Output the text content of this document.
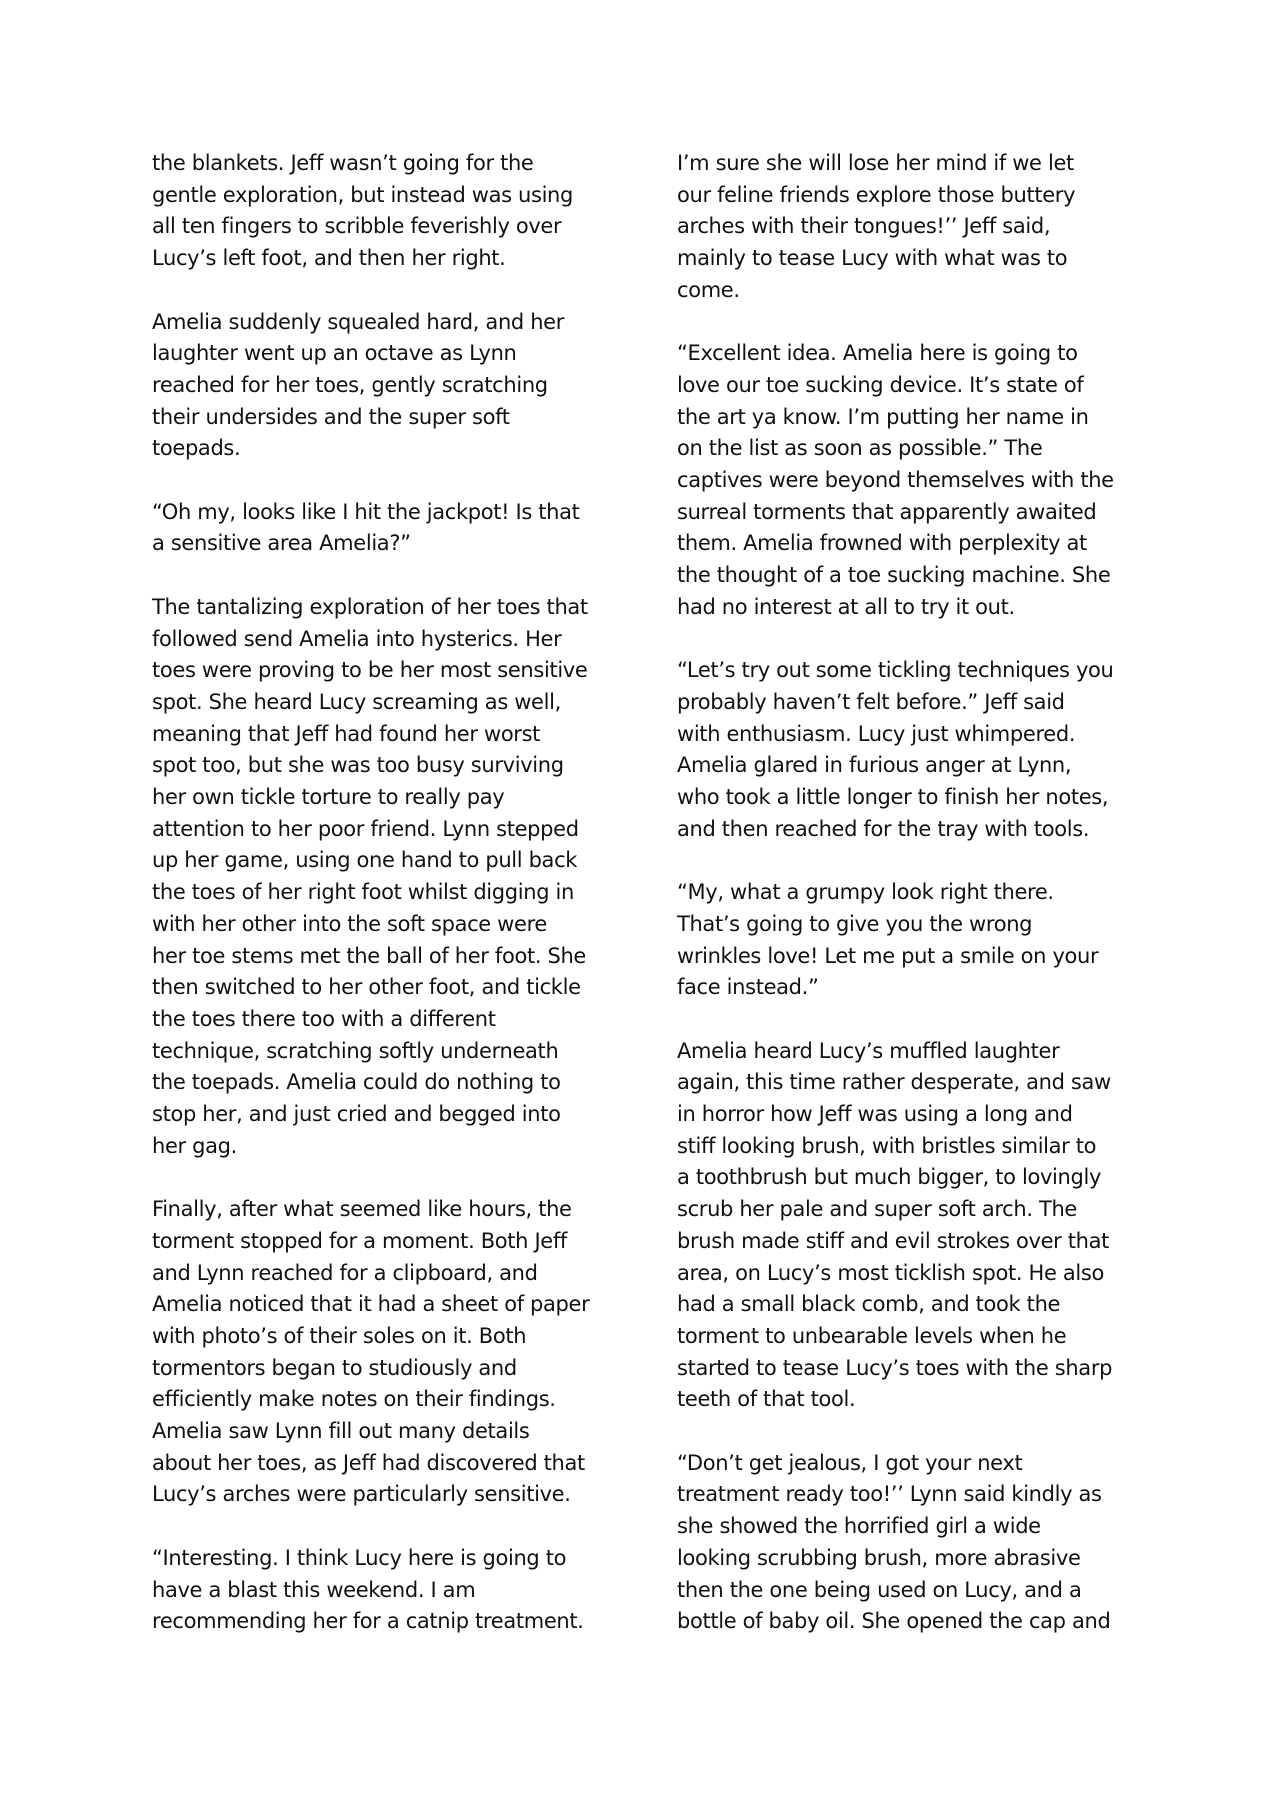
the blankets. Jeff wasn’t going for the
gentle exploration, but instead was using
all ten fingers to scribble feverishly over
Lucy’s left foot, and then her right.

Amelia suddenly squealed hard, and her
laughter went up an octave as Lynn
reached for her toes, gently scratching
their undersides and the super soft
toepads.

“Oh my, looks like I hit the jackpot! Is that
a sensitive area Amelia?”

The tantalizing exploration of her toes that
followed send Amelia into hysterics. Her
toes were proving to be her most sensitive
spot. She heard Lucy screaming as well,
meaning that Jeff had found her worst
spot too, but she was too busy surviving
her own tickle torture to really pay
attention to her poor friend. Lynn stepped
up her game, using one hand to pull back
the toes of her right foot whilst digging in
with her other into the soft space were
her toe stems met the ball of her foot. She
then switched to her other foot, and tickle
the toes there too with a different
technique, scratching softly underneath
the toepads. Amelia could do nothing to
stop her, and just cried and begged into
her gag.

Finally, after what seemed like hours, the
torment stopped for a moment. Both Jeff
and Lynn reached for a clipboard, and
Amelia noticed that it had a sheet of paper
with photo’s of their soles on it. Both
tormentors began to studiously and
efficiently make notes on their findings.
Amelia saw Lynn fill out many details
about her toes, as Jeff had discovered that
Lucy’s arches were particularly sensitive.

“Interesting. I think Lucy here is going to
have a blast this weekend. I am
recommending her for a catnip treatment.

I’m sure she will lose her mind if we let
our feline friends explore those buttery
arches with their tongues!’’ Jeff said,
mainly to tease Lucy with what was to
come.

“Excellent idea. Amelia here is going to
love our toe sucking device. It’s state of
the art ya know. I’m putting her name in
on the list as soon as possible.” The
captives were beyond themselves with the
surreal torments that apparently awaited
them. Amelia frowned with perplexity at
the thought of a toe sucking machine. She
had no interest at all to try it out.

“Let’s try out some tickling techniques you
probably haven’t felt before.” Jeff said
with enthusiasm. Lucy just whimpered.
Amelia glared in furious anger at Lynn,
who took a little longer to finish her notes,
and then reached for the tray with tools.

“My, what a grumpy look right there.
That’s going to give you the wrong
wrinkles love! Let me put a smile on your
face instead.”

Amelia heard Lucy’s muffled laughter
again, this time rather desperate, and saw
in horror how Jeff was using a long and
stiff looking brush, with bristles similar to
a toothbrush but much bigger, to lovingly
scrub her pale and super soft arch. The
brush made stiff and evil strokes over that
area, on Lucy’s most ticklish spot. He also
had a small black comb, and took the
torment to unbearable levels when he
started to tease Lucy’s toes with the sharp
teeth of that tool.

“Don’t get jealous, I got your next
treatment ready too!’’ Lynn said kindly as
she showed the horrified girl a wide
looking scrubbing brush, more abrasive
then the one being used on Lucy, and a
bottle of baby oil. She opened the cap and
